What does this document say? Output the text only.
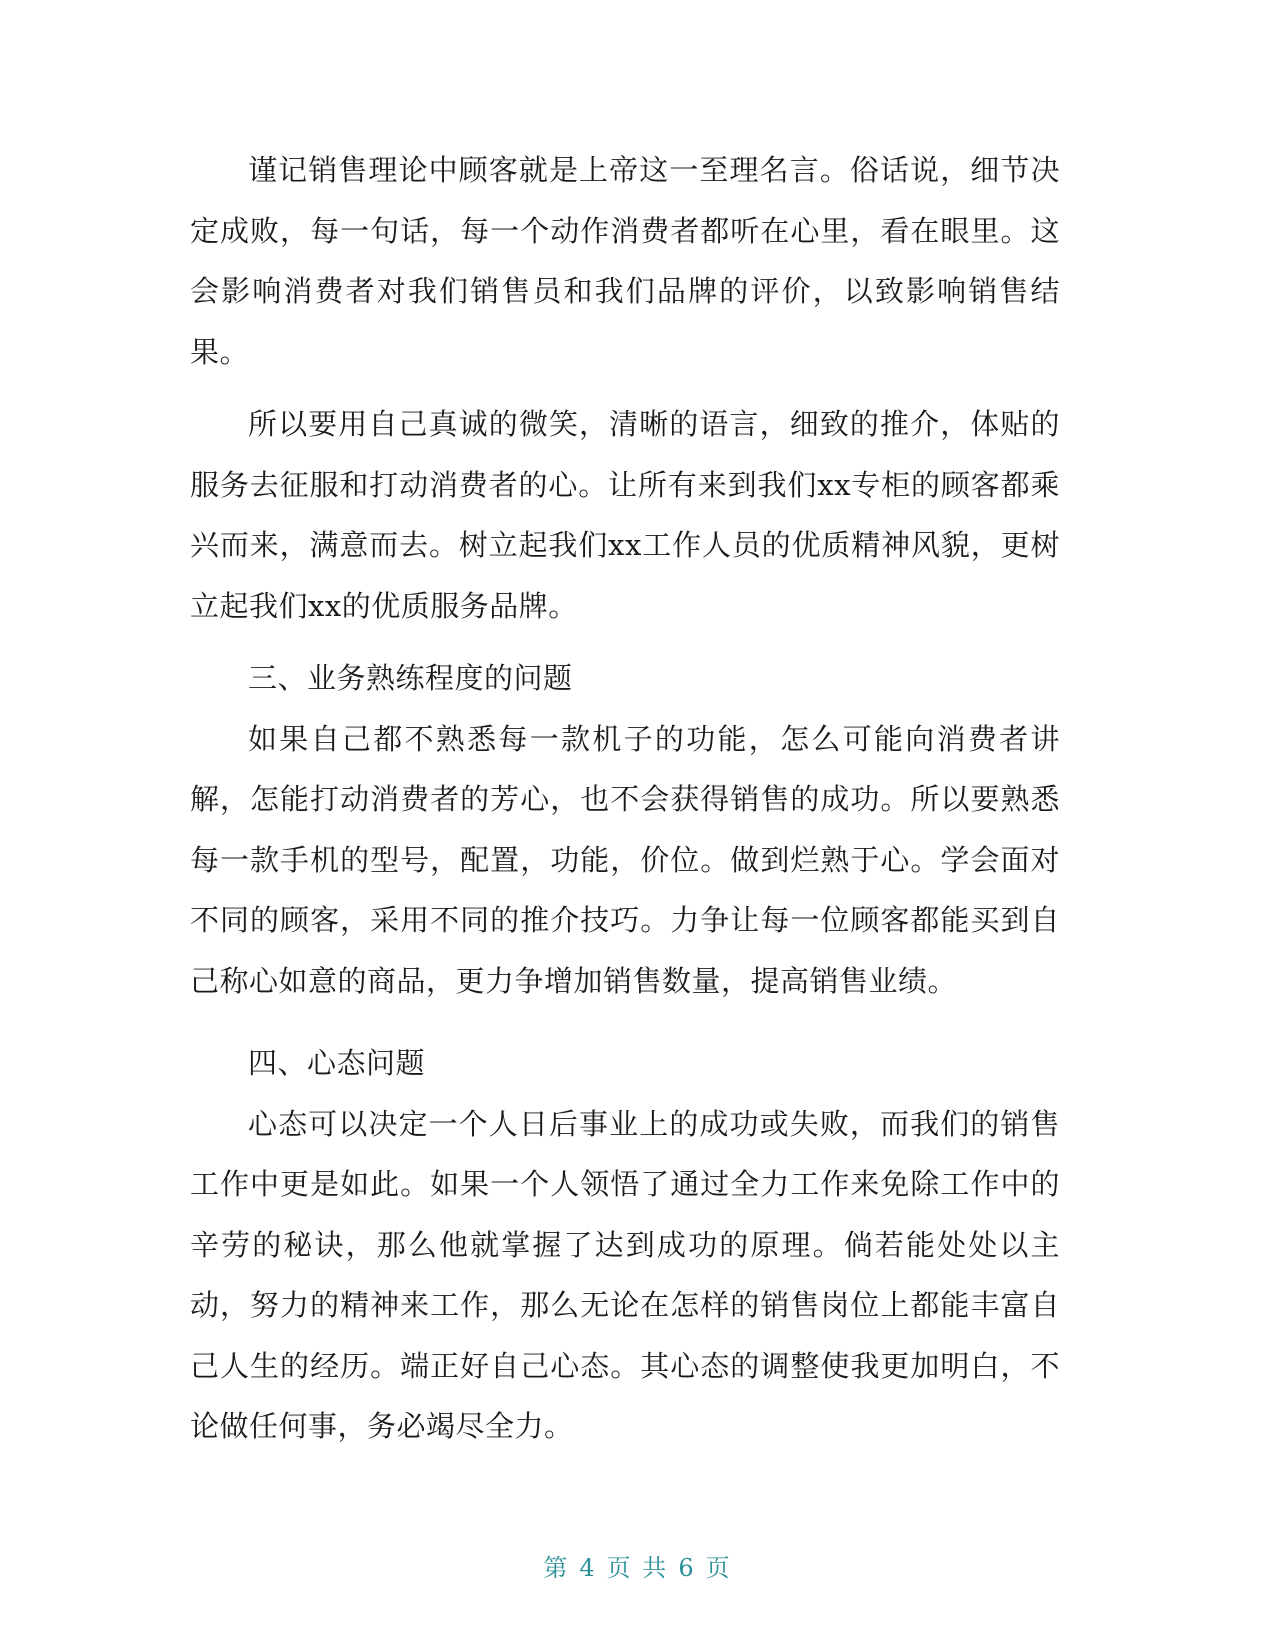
谨记销售理论中顾客就是上帝这一至理名言。俗话说，细节决定成败，每一句话，每一个动作消费者都听在心里，看在眼里。这会影响消费者对我们销售员和我们品牌的评价，以致影响销售结果。

所以要用自己真诚的微笑，清晰的语言，细致的推介，体贴的服务去征服和打动消费者的心。让所有来到我们xx专柜的顾客都乘兴而来，满意而去。树立起我们xx工作人员的优质精神风貌，更树立起我们xx的优质服务品牌。

三、业务熟练程度的问题

如果自己都不熟悉每一款机子的功能，怎么可能向消费者讲解，怎能打动消费者的芳心，也不会获得销售的成功。所以要熟悉每一款手机的型号，配置，功能，价位。做到烂熟于心。学会面对不同的顾客，采用不同的推介技巧。力争让每一位顾客都能买到自己称心如意的商品，更力争增加销售数量，提高销售业绩。

四、心态问题

心态可以决定一个人日后事业上的成功或失败，而我们的销售工作中更是如此。如果一个人领悟了通过全力工作来免除工作中的辛劳的秘诀，那么他就掌握了达到成功的原理。倘若能处处以主动，努力的精神来工作，那么无论在怎样的销售岗位上都能丰富自己人生的经历。端正好自己心态。其心态的调整使我更加明白，不论做任何事，务必竭尽全力。

第 4 页 共 6 页
